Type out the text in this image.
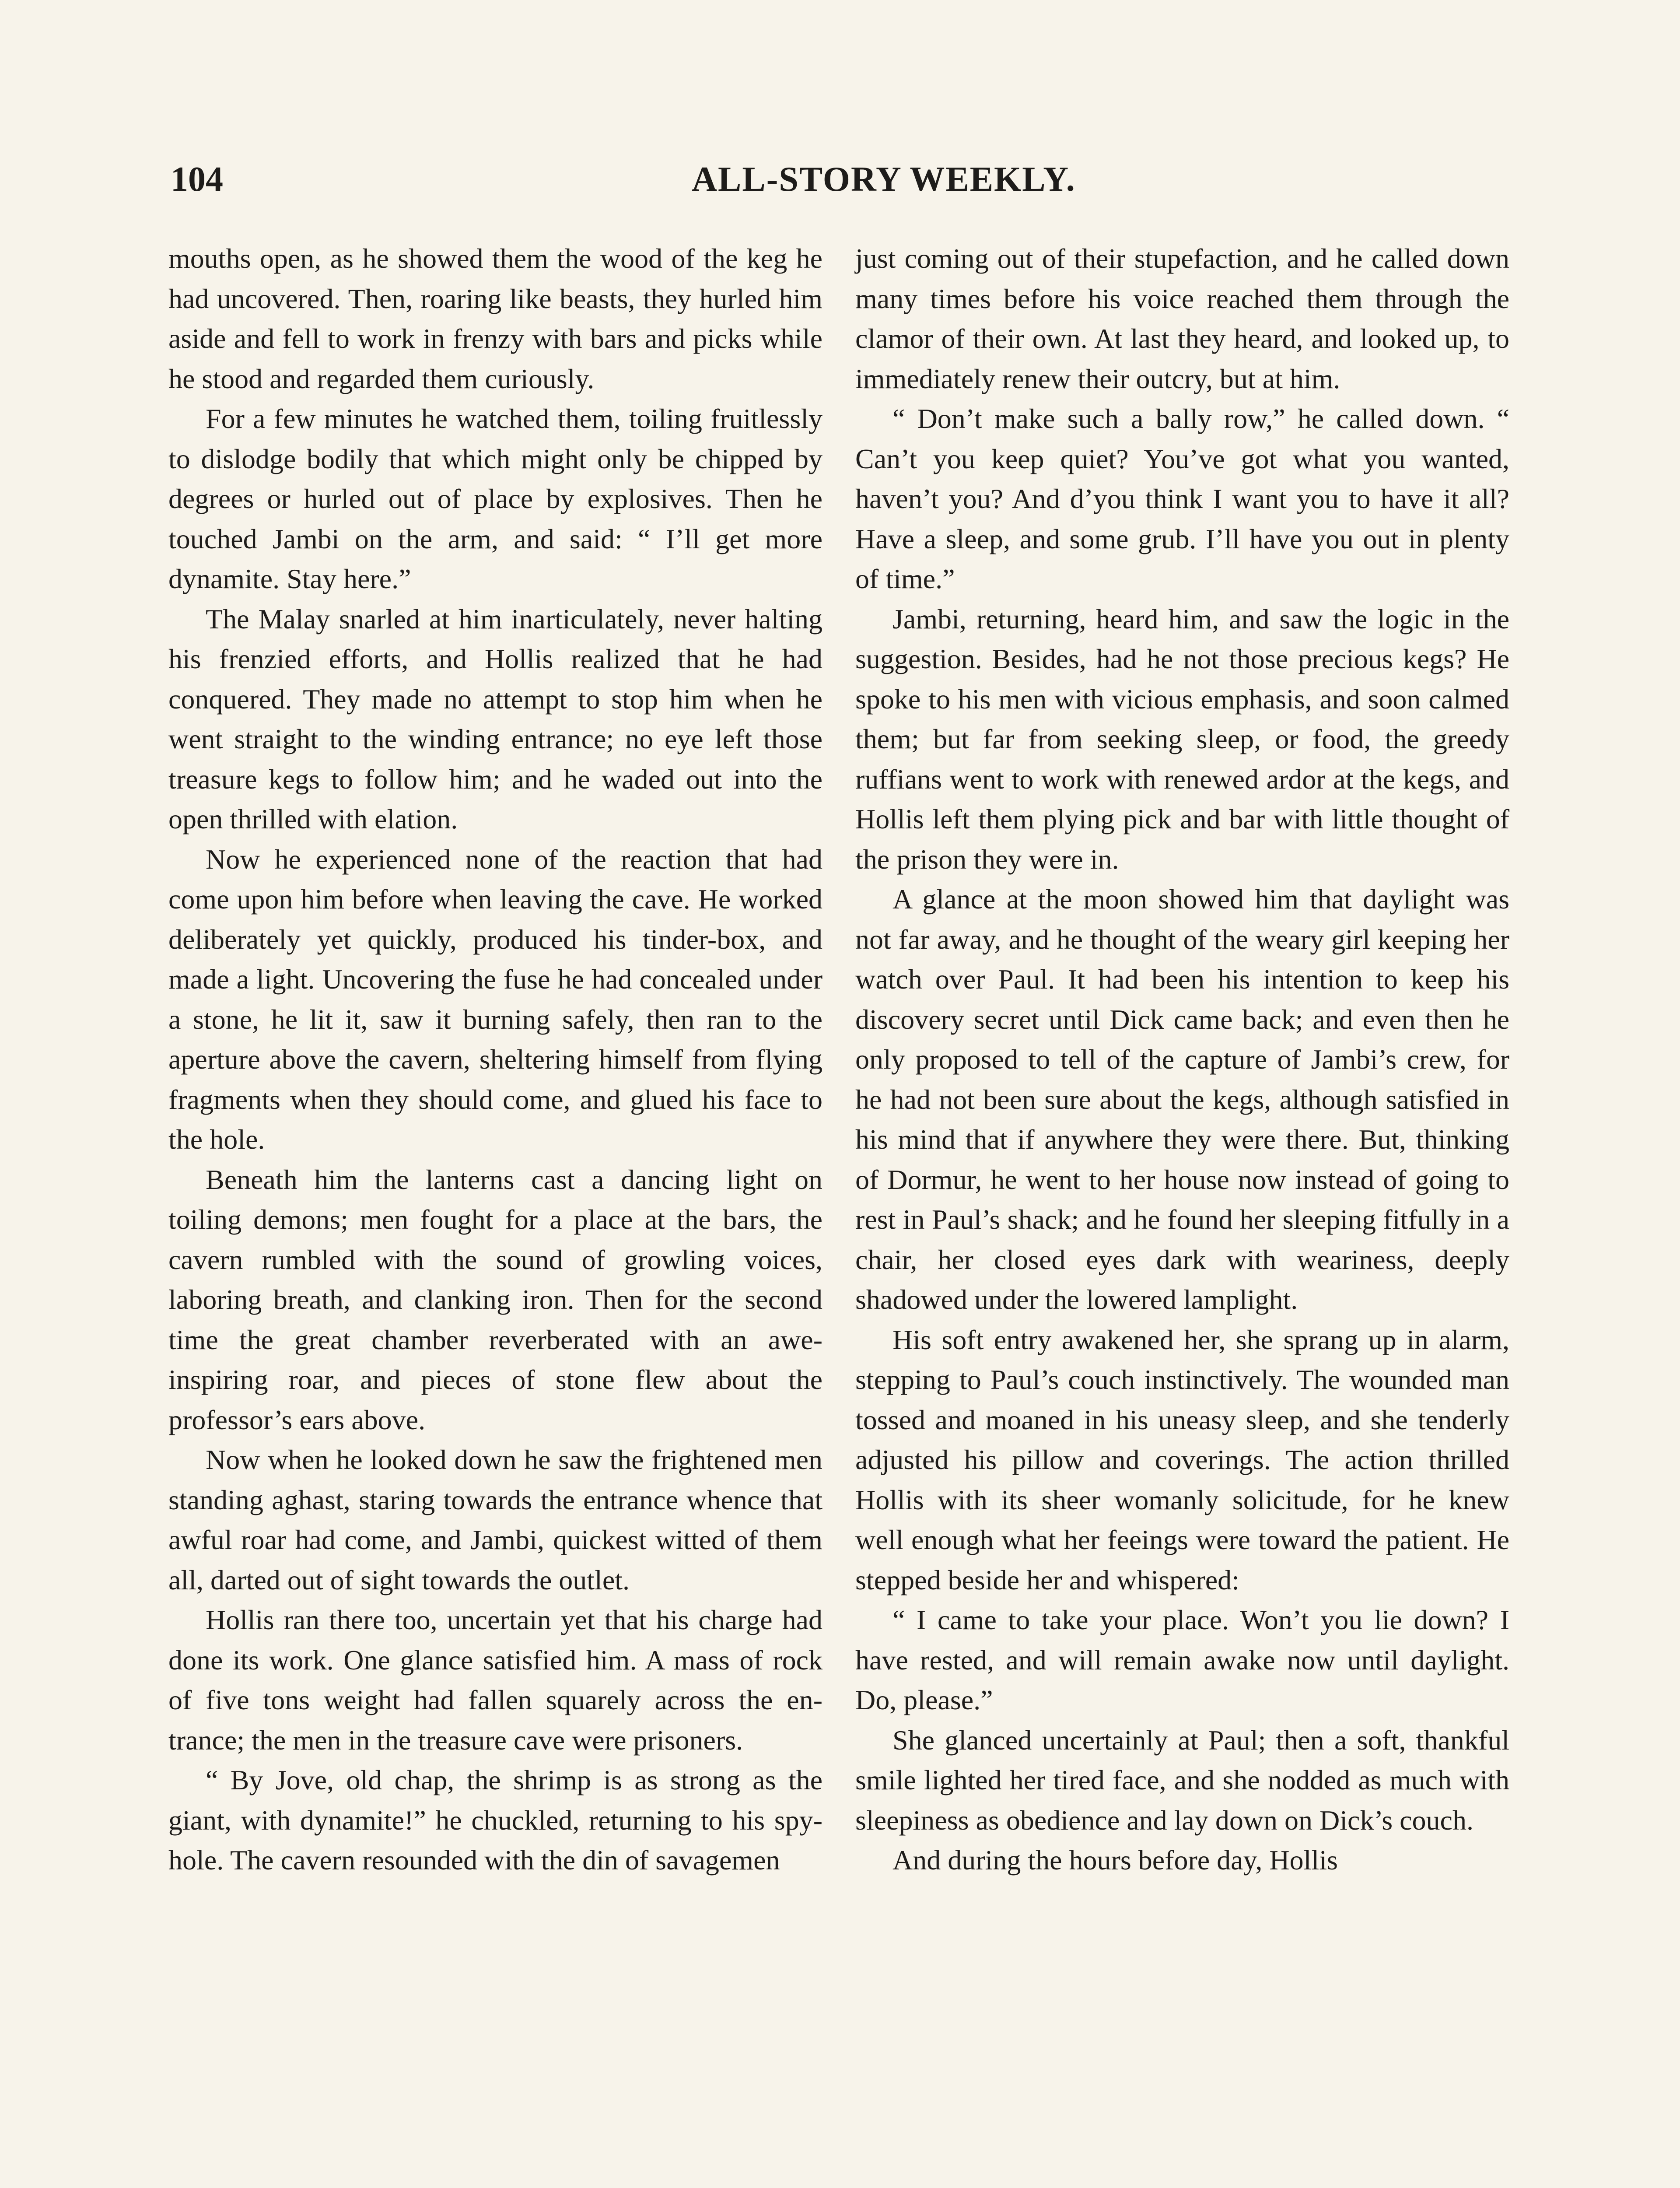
104	ALL-STORY WEEKLY.

mouths open, as he showed them the wood of the keg he had uncovered. Then, roaring like beasts, they hurled him aside and fell to work in frenzy with bars and picks while he stood and regarded them curiously.

For a few minutes he watched them, toiling fruitlessly to dislodge bodily that which might only be chipped by degrees or hurled out of place by explosives. Then he touched Jambi on the arm, and said: “ I’ll get more dynamite. Stay here.”

The Malay snarled at him inarticulately, never halting his frenzied efforts, and Hollis realized that he had conquered. They made no attempt to stop him when he went straight to the winding entrance; no eye left those treasure kegs to follow him; and he waded out into the open thrilled with elation.

Now he experienced none of the reaction that had come upon him before when leaving the cave. He worked deliberately yet quickly, produced his tinder-box, and made a light. Uncovering the fuse he had concealed under a stone, he lit it, saw it burning safely, then ran to the aperture above the cavern, sheltering himself from flying fragments when they should come, and glued his face to the hole.

Beneath him the lanterns cast a dancing light on toiling demons; men fought for a place at the bars, the cavern rumbled with the sound of growling voices, laboring breath, and clanking iron. Then for the second time the great chamber reverberated with an awe-inspiring roar, and pieces of stone flew about the professor’s ears above.

Now when he looked down he saw the frightened men standing aghast, staring towards the entrance whence that awful roar had come, and Jambi, quickest witted of them all, darted out of sight towards the outlet.

Hollis ran there too, uncertain yet that his charge had done its work. One glance satisfied him. A mass of rock of five tons weight had fallen squarely across the entrance; the men in the treasure cave were prisoners.

“ By Jove, old chap, the shrimp is as strong as the giant, with dynamite!” he chuckled, returning to his spy-hole. The cavern resounded with the din of savagemen

just coming out of their stupefaction, and he called down many times before his voice reached them through the clamor of their own. At last they heard, and looked up, to immediately renew their outcry, but at him.

“ Don’t make such a bally row,” he called down. “ Can’t you keep quiet? You’ve got what you wanted, haven’t you? And d’you think I want you to have it all? Have a sleep, and some grub. I’ll have you out in plenty of time.”

Jambi, returning, heard him, and saw the logic in the suggestion. Besides, had he not those precious kegs? He spoke to his men with vicious emphasis, and soon calmed them; but far from seeking sleep, or food, the greedy ruffians went to work with renewed ardor at the kegs, and Hollis left them plying pick and bar with little thought of the prison they were in.

A glance at the moon showed him that daylight was not far away, and he thought of the weary girl keeping her watch over Paul. It had been his intention to keep his discovery secret until Dick came back; and even then he only proposed to tell of the capture of Jambi’s crew, for he had not been sure about the kegs, although satisfied in his mind that if anywhere they were there. But, thinking of Dormur, he went to her house now instead of going to rest in Paul’s shack; and he found her sleeping fitfully in a chair, her closed eyes dark with weariness, deeply shadowed under the lowered lamplight.

His soft entry awakened her, she sprang up in alarm, stepping to Paul’s couch instinctively. The wounded man tossed and moaned in his uneasy sleep, and she tenderly adjusted his pillow and coverings. The action thrilled Hollis with its sheer womanly solicitude, for he knew well enough what her feeings were toward the patient. He stepped beside her and whispered:

“ I came to take your place. Won’t you lie down? I have rested, and will remain awake now until daylight. Do, please.”

She glanced uncertainly at Paul; then a soft, thankful smile lighted her tired face, and she nodded as much with sleepiness as obedience and lay down on Dick’s couch.

And during the hours before day, Hollis
